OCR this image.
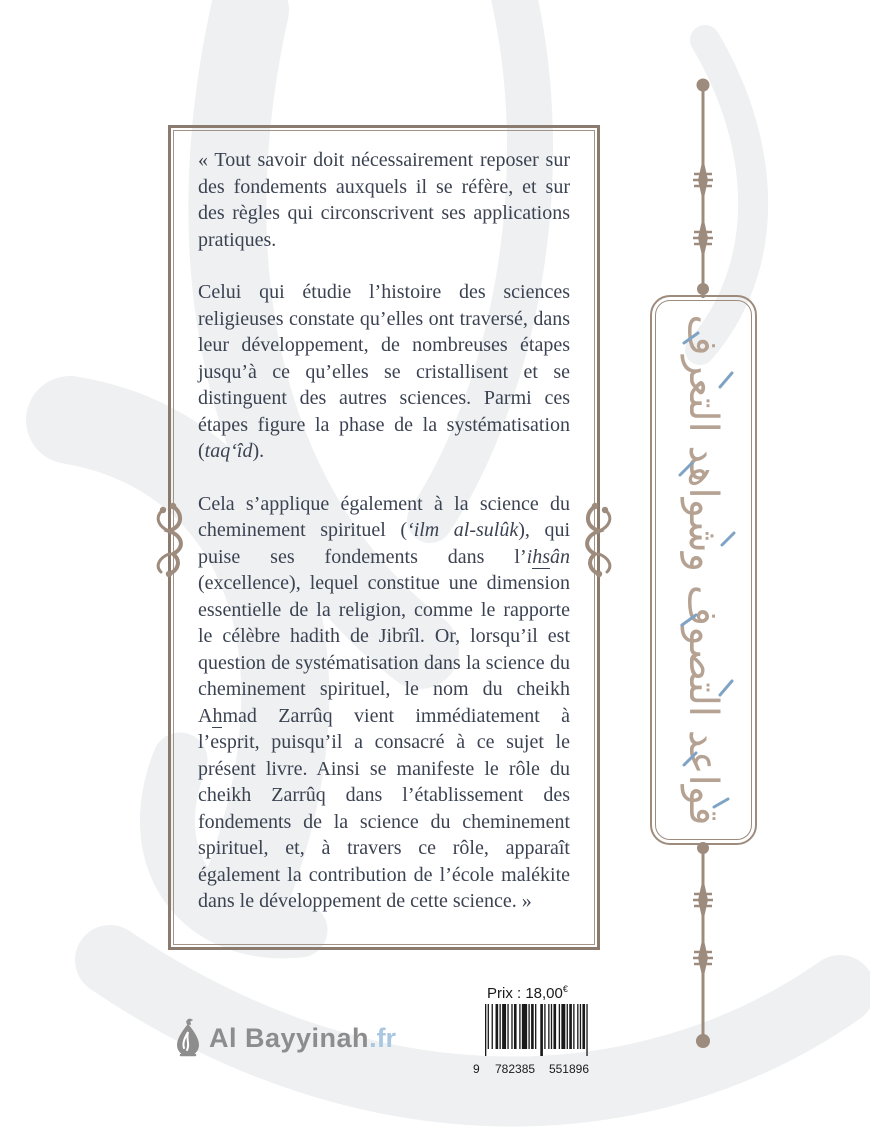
« Tout savoir doit nécessairement reposer sur des fondements auxquels il se réfère, et sur des règles qui circonscrivent ses applications pratiques.

Celui qui étudie l’histoire des sciences religieuses constate qu’elles ont traversé, dans leur développement, de nombreuses étapes jusqu’à ce qu’elles se cristallisent et se distinguent des autres sciences. Parmi ces étapes figure la phase de la systématisation (taq‘îd).

Cela s’applique également à la science du cheminement spirituel (‘ilm al-sulûk), qui puise ses fondements dans l’ihsân (excellence), lequel constitue une dimension essentielle de la religion, comme le rapporte le célèbre hadith de Jibrîl. Or, lorsqu’il est question de systématisation dans la science du cheminement spirituel, le nom du cheikh Ahmad Zarrûq vient immédiatement à l’esprit, puisqu’il a consacré à ce sujet le présent livre. Ainsi se manifeste le rôle du cheikh Zarrûq dans l’établissement des fondements de la science du cheminement spirituel, et, à travers ce rôle, apparaît également la contribution de l’école malékite dans le développement de cette science. »

قواعد التصوف وشواهد التعرف
Al Bayyinah.fr
Prix : 18,00€
9 782385 551896
